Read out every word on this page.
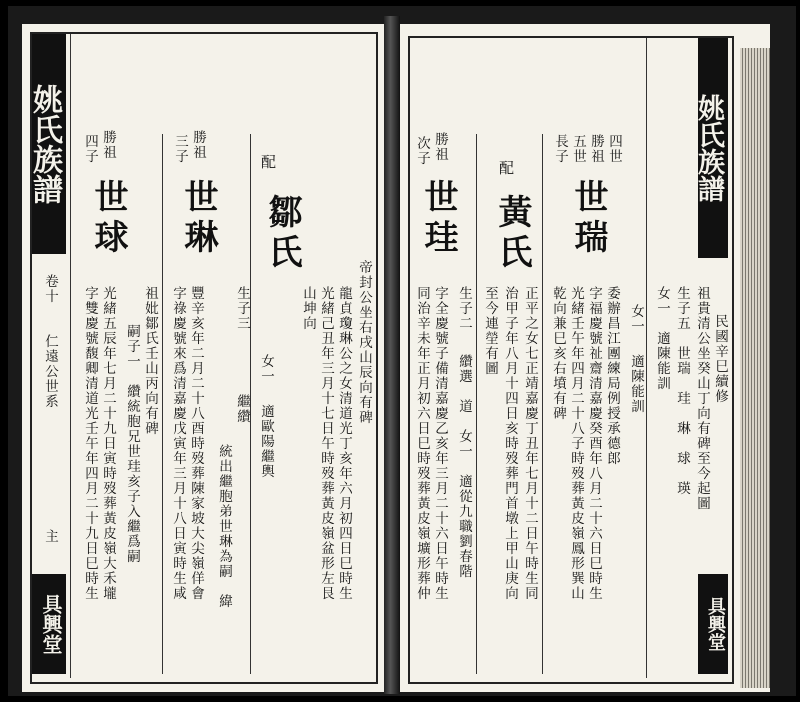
姚氏族譜
卷十
仁遠公世系
主
具興堂
四子 勝祖
世球
字雙慶號馥卿清道光壬午年四月二十九日巳時生 光緒五辰年七月二十九日寅時歿葬黃皮嶺大禾壠 祖妣鄒氏壬山丙向有碑
三子 勝祖
世琳
字祿慶號來爲清嘉慶戊寅年三月十八日寅時生咸 豐辛亥年二月二十八酉時歿葬陳家坡大尖嶺佯會
嗣子一　纘統胞兄世珪亥子入繼爲嗣
配
鄒氏
生子三
繼纘
統出繼胞弟世琳為嗣　緯
女一
適歐陽繼輿
山坤向 光緒己丑年三月十七日午時歿葬黃皮嶺盆形左艮 龍貞瓊琳公之女清道光丁亥年六月初四日巳時生 帝封公坐右戌山辰向有碑
次子 勝祖
世珪
同治辛未年正月初六日巳時歿葬黃皮嶺壙形葬仲 字全慶號子備清嘉慶乙亥年三月二十六日午時生 生子二
纘選　道　女一　適從九職劉春階
配
黃氏
至今連塋有圖 治甲子年八月十四日亥時歿葬門首墩上甲山庚向 正平之女七正靖嘉慶丁丑年七月十二日午時生同
長子 五世 勝祖 四世
世瑞
乾向兼巳亥右墳有碑 光緒壬午年四月二十八子時歿葬黃皮嶺鳳形巽山 字福慶號祉齋清嘉慶癸酉年八月二十六日巳時生 委辦昌江團練局例授承德郎 女一
適陳能訓 女一　適陳能訓 生子五　世瑞　珪　琳　球　瑛 祖貴清公坐癸山丁向有碑至今起圖 民國辛巳續修
姚氏族譜
具興堂
